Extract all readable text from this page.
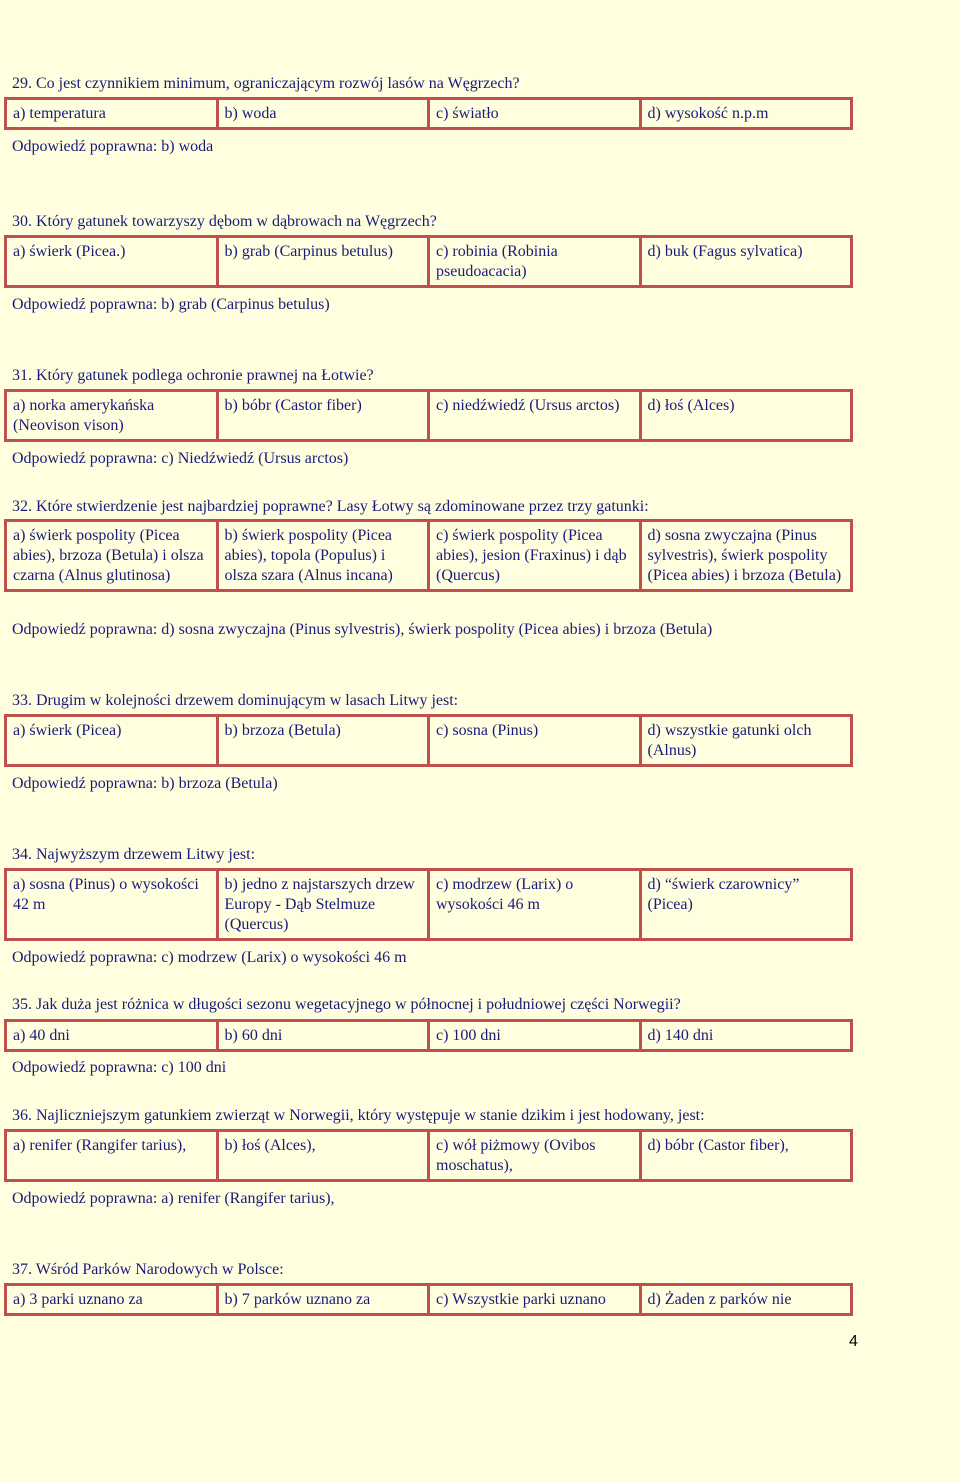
29. Co jest czynnikiem minimum, ograniczającym rozwój lasów na Węgrzech?

a) temperatura	b) woda	c) światło	d) wysokość n.p.m

Odpowiedź poprawna: b) woda

30. Który gatunek towarzyszy dębom w dąbrowach na Węgrzech?

a) świerk (Picea.)	b) grab (Carpinus betulus)	c) robinia (Robinia pseudoacacia)	d) buk (Fagus sylvatica)

Odpowiedź poprawna: b) grab (Carpinus betulus)

31. Który gatunek podlega ochronie prawnej na Łotwie?

a) norka amerykańska (Neovison vison)	b) bóbr (Castor fiber)	c) niedźwiedź (Ursus arctos)	d) łoś (Alces)

Odpowiedź poprawna: c) Niedźwiedź (Ursus arctos)

32. Które stwierdzenie jest najbardziej poprawne? Lasy Łotwy są zdominowane przez trzy gatunki:

a) świerk pospolity (Picea abies), brzoza (Betula) i olsza czarna (Alnus glutinosa)	b) świerk pospolity (Picea abies), topola (Populus) i olsza szara (Alnus incana)	c) świerk pospolity (Picea abies), jesion (Fraxinus) i dąb (Quercus)	d) sosna zwyczajna (Pinus sylvestris), świerk pospolity (Picea abies) i brzoza (Betula)

Odpowiedź poprawna: d) sosna zwyczajna (Pinus sylvestris), świerk pospolity (Picea abies) i brzoza (Betula)

33. Drugim w kolejności drzewem dominującym w lasach Litwy jest:

a) świerk (Picea)	b) brzoza (Betula)	c) sosna (Pinus)	d) wszystkie gatunki olch (Alnus)

Odpowiedź poprawna: b) brzoza (Betula)

34. Najwyższym drzewem Litwy jest:

a) sosna (Pinus) o wysokości 42 m	b) jedno z najstarszych drzew Europy - Dąb Stelmuze (Quercus)	c) modrzew (Larix) o wysokości 46 m	d) “świerk czarownicy” (Picea)

Odpowiedź poprawna: c) modrzew (Larix) o wysokości 46 m

35. Jak duża jest różnica w długości sezonu wegetacyjnego w północnej i południowej części Norwegii?

a) 40 dni	b) 60 dni	c) 100 dni	d) 140 dni

Odpowiedź poprawna: c) 100 dni

36. Najliczniejszym gatunkiem zwierząt w Norwegii, który występuje w stanie dzikim i jest hodowany, jest:

a) renifer (Rangifer tarius),	b) łoś (Alces),	c) wół piżmowy (Ovibos moschatus),	d) bóbr (Castor fiber),

Odpowiedź poprawna: a) renifer (Rangifer tarius),

37. Wśród Parków Narodowych w Polsce:

a) 3 parki uznano za	b) 7 parków uznano za	c) Wszystkie parki uznano	d) Żaden z parków nie
4
